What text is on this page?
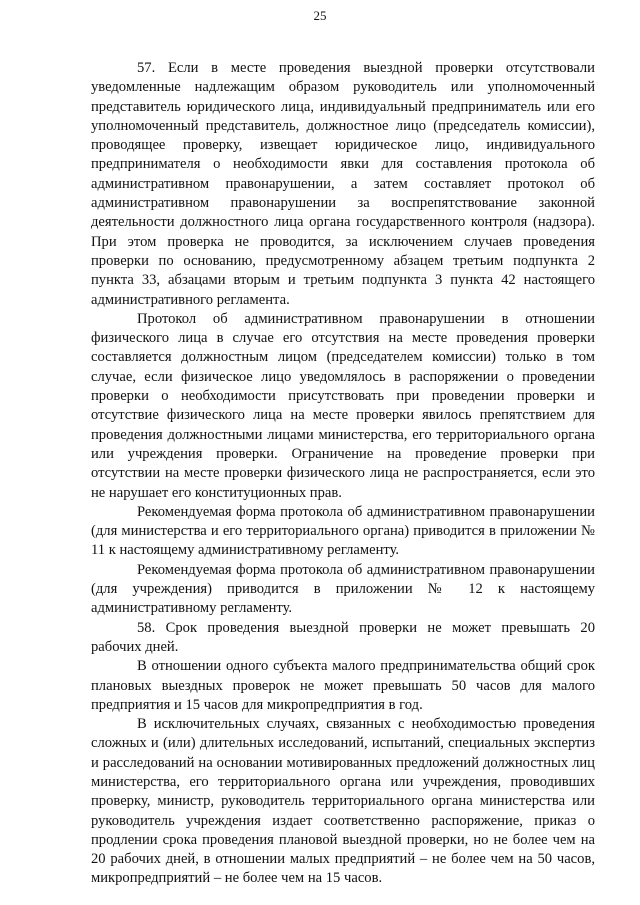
25

57. Если в месте проведения выездной проверки отсутствовали уведомленные надлежащим образом руководитель или уполномоченный представитель юридического лица, индивидуальный предприниматель или его уполномоченный представитель, должностное лицо (председатель комиссии), проводящее проверку, извещает юридическое лицо, индивидуального предпринимателя о необходимости явки для составления протокола об административном правонарушении, а затем составляет протокол об административном правонарушении за воспрепятствование законной деятельности должностного лица органа государственного контроля (надзора). При этом проверка не проводится, за исключением случаев проведения проверки по основанию, предусмотренному абзацем третьим подпункта 2 пункта 33, абзацами вторым и третьим подпункта 3 пункта 42 настоящего административного регламента.

Протокол об административном правонарушении в отношении физического лица в случае его отсутствия на месте проведения проверки составляется должностным лицом (председателем комиссии) только в том случае, если физическое лицо уведомлялось в распоряжении о проведении проверки о необходимости присутствовать при проведении проверки и отсутствие физического лица на месте проверки явилось препятствием для проведения должностными лицами министерства, его территориального органа или учреждения проверки. Ограничение на проведение проверки при отсутствии на месте проверки физического лица не распространяется, если это не нарушает его конституционных прав.

Рекомендуемая форма протокола об административном правонарушении (для министерства и его территориального органа) приводится в приложении № 11 к настоящему административному регламенту.

Рекомендуемая форма протокола об административном правонарушении (для учреждения) приводится в приложении № 12 к настоящему административному регламенту.

58. Срок проведения выездной проверки не может превышать 20 рабочих дней.

В отношении одного субъекта малого предпринимательства общий срок плановых выездных проверок не может превышать 50 часов для малого предприятия и 15 часов для микропредприятия в год.

В исключительных случаях, связанных с необходимостью проведения сложных и (или) длительных исследований, испытаний, специальных экспертиз и расследований на основании мотивированных предложений должностных лиц министерства, его территориального органа или учреждения, проводивших проверку, министр, руководитель территориального органа министерства или руководитель учреждения издает соответственно распоряжение, приказ о продлении срока проведения плановой выездной проверки, но не более чем на 20 рабочих дней, в отношении малых предприятий – не более чем на 50 часов, микропредприятий – не более чем на 15 часов.
